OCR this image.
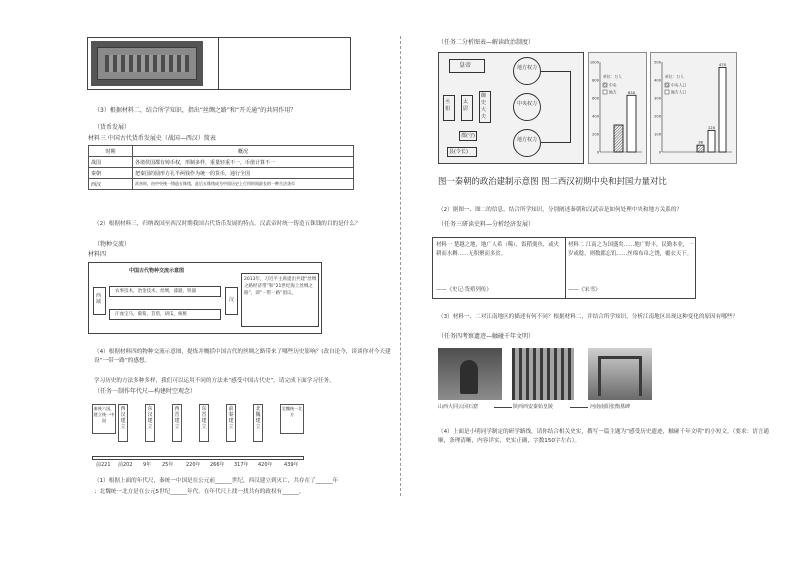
（3）根据材料二，结合所学知识，指出“丝绸之路”和“开关通”的共同作用？
（货币发展）
材料三 中国古代货币发展史（战国—西汉）简表
时期	概况
战国	各诸侯国都有铸币权，形制多样，重量轻重不一，币值计算不一
秦朝	把秦国的圆形方孔半两钱作为统一的货币，通行全国
西汉	武帝时，由中央统一铸造五铢钱，此后五铢钱成为中国历史上行用时间最长的一种合法货币
（2）根据材料三，归纳战国至西汉时期我国古代货币发展的特点。汉武帝时统一铸造五铢钱的目的是什么？
（物种交流）
材料四
中国古代物种交流示意图
西域	汉
农事技术，冶金技术，丝绸，漆器，铁器
汗血宝马，葡萄，苜蓿，胡瓜，核桃
2013年，习近平主席提出共建“丝绸之路经济带”和“21世纪海上丝绸之路”，即“一带一路”倡议。
（4）根据材料四的物种交流示意图，提炼并概括中国古代的丝绸之路带来了哪些历史影响？(改自论今，谈谈你对今天建设“一带一路”的感想。
学习历史的方法多种多样，我们可以运用不同的方法来“感受中国古代史”。请完成下面学习任务。
（任务一制作年代尺—构建时空观念）
秦统六国，建立统一中国
西汉建立
东汉建立
西晋建立
东晋建立
前秦建立
北魏建立
北魏统一北方
前221 前202 9年 25年	220年 266年 317年 420年 439年
（1）根据上面的年代尺，秦统一中国是在公元前______世纪，西汉建立到灭亡，共存在了______年
；北魏统一北方是在公元5世纪______年代。在年代尺上找一找共有的政权有______。
（任务二分析图表—解读政治制度）
皇帝
丞相
太尉
御史大夫
郡(守)
县(令长)
地方权力
中央权力
地方权力
1000
800
600
400
200
0
单位：万人
中央
地方	630
500
400
300
200
100
0
单位：万人
中央人口
地方人口
38
120
470
图一秦朝的政治建制示意图 图二西汉初期中央和封国力量对比
（2）据图一、图二的信息，结合所学知识，分别阐述秦朝和汉武帝是如何处理中央和地方关系的？
（任务三研读史料—分析经济发展）
材料一 楚越之地，地广人希（稀），饭稻羹鱼，或火耕而水耨……无积聚而多贫。
——《史记·货殖列传》
材料二 江南之为国盛矣……地广野丰，民勤本业，一岁或稔，则数郡忘饥……丝绵布帛之饶，覆衣天下。
——《宋书》
（3）材料一、二对江南地区的描述有何不同？根据材料二，并结合所学知识，分析江南地区出现这种变化的原因有哪些？
（任务四考察遗迹—触碰千年文明）
山西大同云冈石窟	陕西西安秦始皇陵	河南南阳张衡墓碑
（4）上面是小明同学制定的研学路线，请你结合相关史实，撰写一篇主题为“感受历史遗迹，触碰千年文明”的小短文。（要求：语言通顺，条理清晰，内容详实，史实正确，字数150字左右）。
